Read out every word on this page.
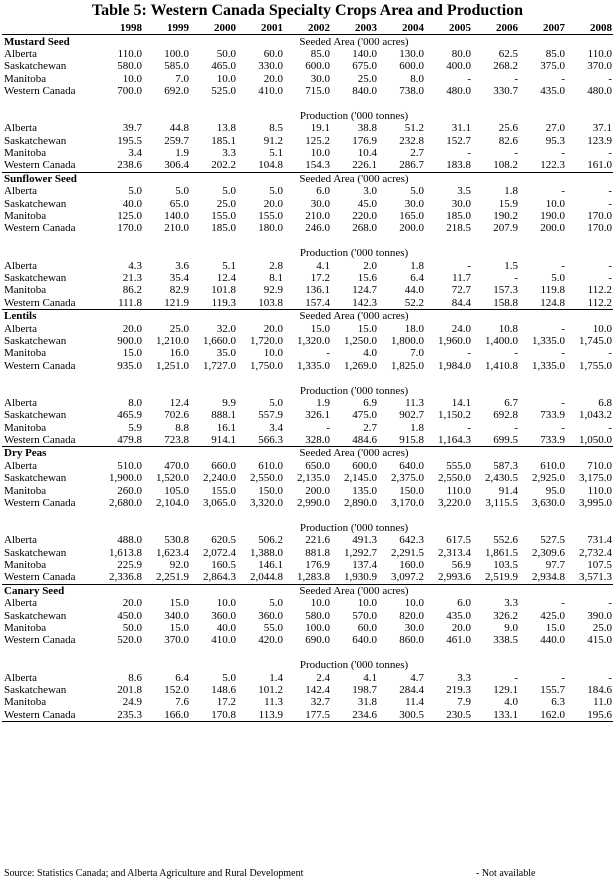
Table 5: Western Canada Specialty Crops Area and Production
	1998	1999	2000	2001	2002	2003	2004	2005	2006	2007	2008
Mustard Seed	Seeded Area ('000 acres)										
Alberta	110.0	100.0	50.0	60.0	85.0	140.0	130.0	80.0	62.5	85.0	110.0
Saskatchewan	580.0	585.0	465.0	330.0	600.0	675.0	600.0	400.0	268.2	375.0	370.0
Manitoba	10.0	7.0	10.0	20.0	30.0	25.0	8.0	-	-	-	-
Western Canada	700.0	692.0	525.0	410.0	715.0	840.0	738.0	480.0	330.7	435.0	480.0

	Production ('000 tonnes)										
Alberta	39.7	44.8	13.8	8.5	19.1	38.8	51.2	31.1	25.6	27.0	37.1
Saskatchewan	195.5	259.7	185.1	91.2	125.2	176.9	232.8	152.7	82.6	95.3	123.9
Manitoba	3.4	1.9	3.3	5.1	10.0	10.4	2.7	-	-	-	-
Western Canada	238.6	306.4	202.2	104.8	154.3	226.1	286.7	183.8	108.2	122.3	161.0
Sunflower Seed	Seeded Area ('000 acres)										
Alberta	5.0	5.0	5.0	5.0	6.0	3.0	5.0	3.5	1.8	-	-
Saskatchewan	40.0	65.0	25.0	20.0	30.0	45.0	30.0	30.0	15.9	10.0	-
Manitoba	125.0	140.0	155.0	155.0	210.0	220.0	165.0	185.0	190.2	190.0	170.0
Western Canada	170.0	210.0	185.0	180.0	246.0	268.0	200.0	218.5	207.9	200.0	170.0

	Production ('000 tonnes)										
Alberta	4.3	3.6	5.1	2.8	4.1	2.0	1.8	-	1.5	-	-
Saskatchewan	21.3	35.4	12.4	8.1	17.2	15.6	6.4	11.7	-	5.0	-
Manitoba	86.2	82.9	101.8	92.9	136.1	124.7	44.0	72.7	157.3	119.8	112.2
Western Canada	111.8	121.9	119.3	103.8	157.4	142.3	52.2	84.4	158.8	124.8	112.2
Lentils	Seeded Area ('000 acres)										
Alberta	20.0	25.0	32.0	20.0	15.0	15.0	18.0	24.0	10.8	-	10.0
Saskatchewan	900.0	1,210.0	1,660.0	1,720.0	1,320.0	1,250.0	1,800.0	1,960.0	1,400.0	1,335.0	1,745.0
Manitoba	15.0	16.0	35.0	10.0	-	4.0	7.0	-	-	-	-
Western Canada	935.0	1,251.0	1,727.0	1,750.0	1,335.0	1,269.0	1,825.0	1,984.0	1,410.8	1,335.0	1,755.0

	Production ('000 tonnes)										
Alberta	8.0	12.4	9.9	5.0	1.9	6.9	11.3	14.1	6.7	-	6.8
Saskatchewan	465.9	702.6	888.1	557.9	326.1	475.0	902.7	1,150.2	692.8	733.9	1,043.2
Manitoba	5.9	8.8	16.1	3.4	-	2.7	1.8	-	-	-	-
Western Canada	479.8	723.8	914.1	566.3	328.0	484.6	915.8	1,164.3	699.5	733.9	1,050.0
Dry Peas	Seeded Area ('000 acres)										
Alberta	510.0	470.0	660.0	610.0	650.0	600.0	640.0	555.0	587.3	610.0	710.0
Saskatchewan	1,900.0	1,520.0	2,240.0	2,550.0	2,135.0	2,145.0	2,375.0	2,550.0	2,430.5	2,925.0	3,175.0
Manitoba	260.0	105.0	155.0	150.0	200.0	135.0	150.0	110.0	91.4	95.0	110.0
Western Canada	2,680.0	2,104.0	3,065.0	3,320.0	2,990.0	2,890.0	3,170.0	3,220.0	3,115.5	3,630.0	3,995.0

	Production ('000 tonnes)										
Alberta	488.0	530.8	620.5	506.2	221.6	491.3	642.3	617.5	552.6	527.5	731.4
Saskatchewan	1,613.8	1,623.4	2,072.4	1,388.0	881.8	1,292.7	2,291.5	2,313.4	1,861.5	2,309.6	2,732.4
Manitoba	225.9	92.0	160.5	146.1	176.9	137.4	160.0	56.9	103.5	97.7	107.5
Western Canada	2,336.8	2,251.9	2,864.3	2,044.8	1,283.8	1,930.9	3,097.2	2,993.6	2,519.9	2,934.8	3,571.3
Canary Seed	Seeded Area ('000 acres)										
Alberta	20.0	15.0	10.0	5.0	10.0	10.0	10.0	6.0	3.3	-	-
Saskatchewan	450.0	340.0	360.0	360.0	580.0	570.0	820.0	435.0	326.2	425.0	390.0
Manitoba	50.0	15.0	40.0	55.0	100.0	60.0	30.0	20.0	9.0	15.0	25.0
Western Canada	520.0	370.0	410.0	420.0	690.0	640.0	860.0	461.0	338.5	440.0	415.0

	Production ('000 tonnes)										
Alberta	8.6	6.4	5.0	1.4	2.4	4.1	4.7	3.3	-	-	-
Saskatchewan	201.8	152.0	148.6	101.2	142.4	198.7	284.4	219.3	129.1	155.7	184.6
Manitoba	24.9	7.6	17.2	11.3	32.7	31.8	11.4	7.9	4.0	6.3	11.0
Western Canada	235.3	166.0	170.8	113.9	177.5	234.6	300.5	230.5	133.1	162.0	195.6
Source: Statistics Canada; and Alberta Agriculture and Rural Development	- Not available
